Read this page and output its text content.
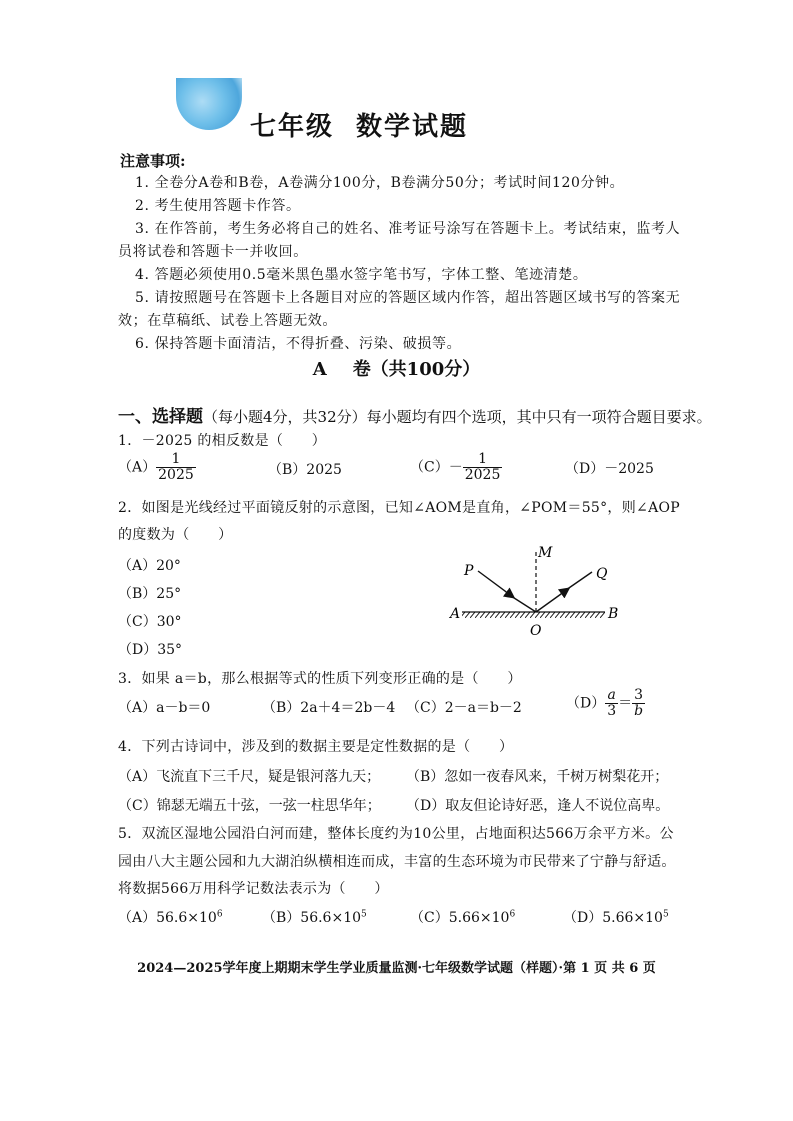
七年级 数学试题
注意事项:
1. 全卷分A卷和B卷，A卷满分100分，B卷满分50分；考试时间120分钟。
2. 考生使用答题卡作答。
3. 在作答前，考生务必将自己的姓名、准考证号涂写在答题卡上。考试结束，监考人
员将试卷和答题卡一并收回。
4. 答题必须使用0.5毫米黑色墨水签字笔书写，字体工整、笔迹清楚。
5. 请按照题号在答题卡上各题目对应的答题区域内作答，超出答题区域书写的答案无
效；在草稿纸、试卷上答题无效。
6. 保持答题卡面清洁，不得折叠、污染、破损等。
A 卷（共100分）
一、选择题（每小题4分，共32分）每小题均有四个选项，其中只有一项符合题目要求。
1．－2025 的相反数是（　　）
$(A) \frac{1}{2025}$	（B）2025	$(C)- \frac{1}{2025}$	（D）－2025
2．如图是光线经过平面镜反射的示意图，已知∠AOM是直角，∠POM＝55°，则∠AOP
的度数为（　　）
（A）20°
（B）25°
（C）30°
（D）35°
P
M
Q
A
O
B
3．如果 a＝b，那么根据等式的性质下列变形正确的是（　　）
（A）a－b＝0	（B）2a＋4＝2b－4 （C）2－a＝b－2	$(D) \frac{a}{3} = \frac{3}{b}$
4．下列古诗词中，涉及到的数据主要是定性数据的是（　　）
（A）飞流直下三千尺，疑是银河落九天； （B）忽如一夜春风来，千树万树梨花开；
（C）锦瑟无端五十弦，一弦一柱思华年； （D）取友但论诗好恶，逢人不说位高卑。
5．双流区湿地公园沿白河而建，整体长度约为10公里，占地面积达566万余平方米。公
园由八大主题公园和九大湖泊纵横相连而成，丰富的生态环境为市民带来了宁静与舒适。
将数据566万用科学记数法表示为（　　）
$(A)56.6\times 10^6$	$(B)56.6\times 10^5$	$(C)5.66\times 10^6$	$(D)5.66\times 10^5$
2024—2025学年度上期期末学生学业质量监测·七年级数学试题（样题）·第 1 页 共 6 页
